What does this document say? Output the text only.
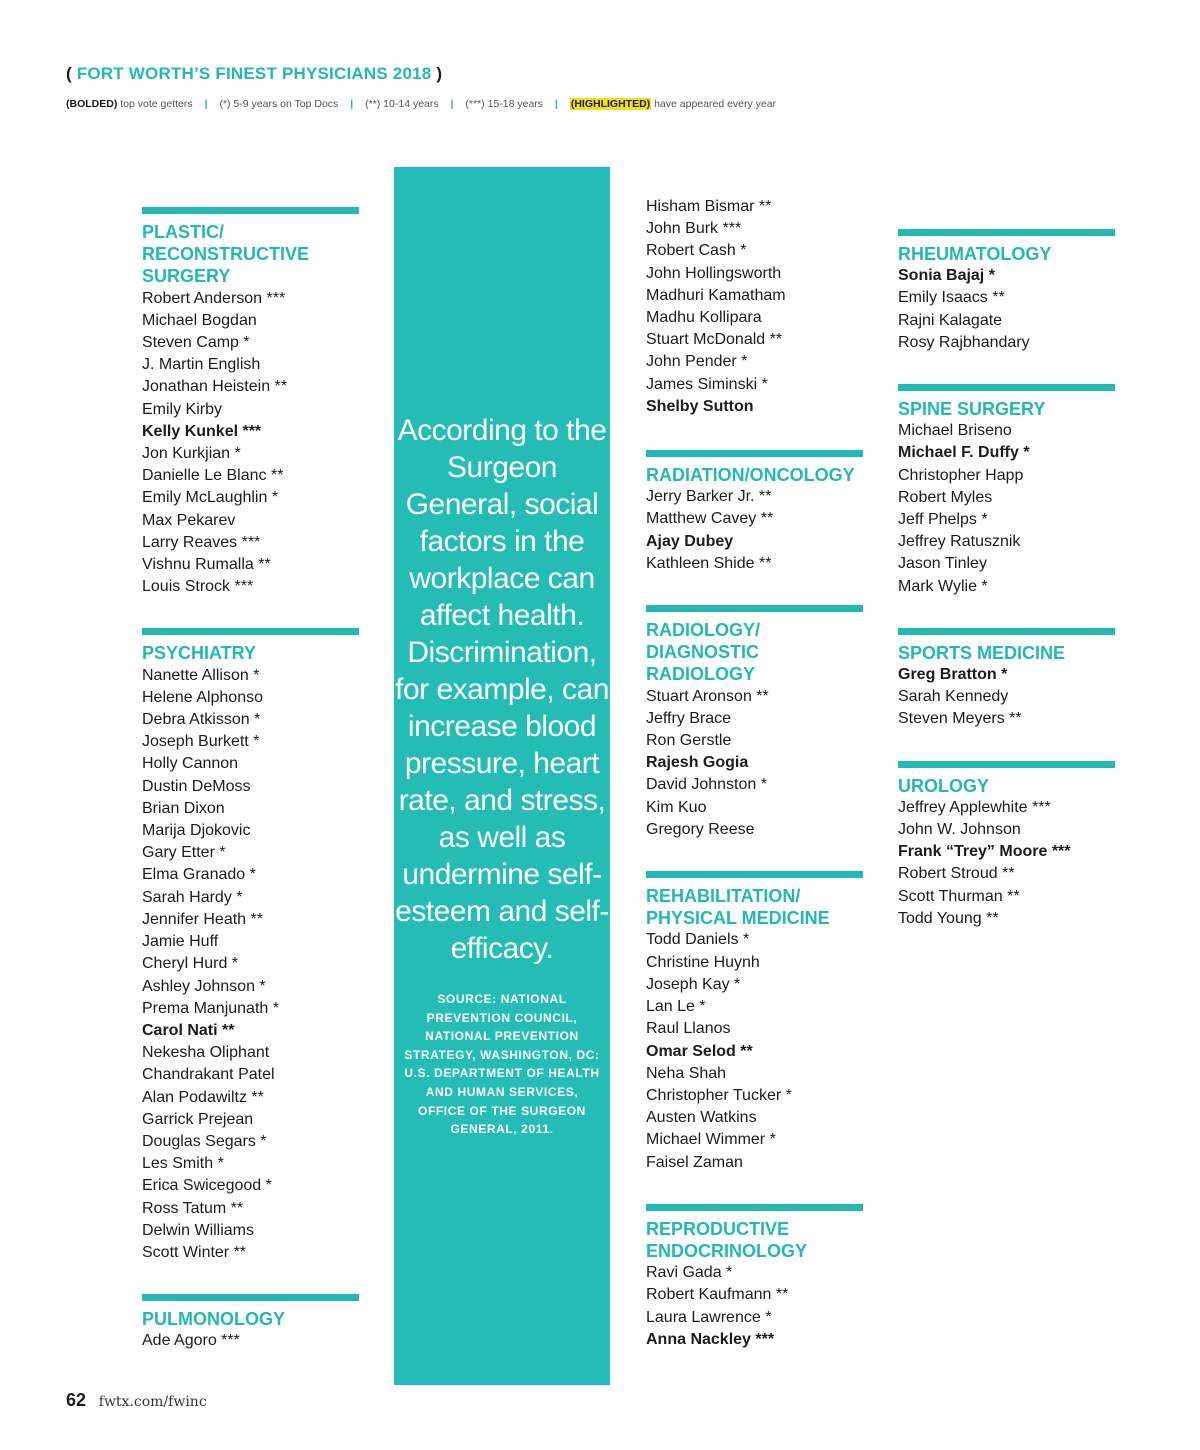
( FORT WORTH’S FINEST PHYSICIANS 2018 )
(BOLDED) top vote getters | (*) 5-9 years on Top Docs | (**) 10-14 years | (***) 15-18 years | (HIGHLIGHTED) have appeared every year
PLASTIC/
RECONSTRUCTIVE
SURGERY
Robert Anderson ***
Michael Bogdan
Steven Camp *
J. Martin English
Jonathan Heistein **
Emily Kirby
Kelly Kunkel ***
Jon Kurkjian *
Danielle Le Blanc **
Emily McLaughlin *
Max Pekarev
Larry Reaves ***
Vishnu Rumalla **
Louis Strock ***
PSYCHIATRY
Nanette Allison *
Helene Alphonso
Debra Atkisson *
Joseph Burkett *
Holly Cannon
Dustin DeMoss
Brian Dixon
Marija Djokovic
Gary Etter *
Elma Granado *
Sarah Hardy *
Jennifer Heath **
Jamie Huff
Cheryl Hurd *
Ashley Johnson *
Prema Manjunath *
Carol Nati **
Nekesha Oliphant
Chandrakant Patel
Alan Podawiltz **
Garrick Prejean
Douglas Segars *
Les Smith *
Erica Swicegood *
Ross Tatum **
Delwin Williams
Scott Winter **
PULMONOLOGY
Ade Agoro ***
According to the Surgeon General, social factors in the workplace can affect health. Discrimination, for example, can increase blood pressure, heart rate, and stress, as well as undermine self-esteem and self-efficacy.
SOURCE: NATIONAL PREVENTION COUNCIL, NATIONAL PREVENTION STRATEGY, WASHINGTON, DC: U.S. DEPARTMENT OF HEALTH AND HUMAN SERVICES, OFFICE OF THE SURGEON GENERAL, 2011.
Hisham Bismar **
John Burk ***
Robert Cash *
John Hollingsworth
Madhuri Kamatham
Madhu Kollipara
Stuart McDonald **
John Pender *
James Siminski *
Shelby Sutton
RADIATION/ONCOLOGY
Jerry Barker Jr. **
Matthew Cavey **
Ajay Dubey
Kathleen Shide **
RADIOLOGY/
DIAGNOSTIC
RADIOLOGY
Stuart Aronson **
Jeffry Brace
Ron Gerstle
Rajesh Gogia
David Johnston *
Kim Kuo
Gregory Reese
REHABILITATION/
PHYSICAL MEDICINE
Todd Daniels *
Christine Huynh
Joseph Kay *
Lan Le *
Raul Llanos
Omar Selod **
Neha Shah
Christopher Tucker *
Austen Watkins
Michael Wimmer *
Faisel Zaman
REPRODUCTIVE
ENDOCRINOLOGY
Ravi Gada *
Robert Kaufmann **
Laura Lawrence *
Anna Nackley ***
RHEUMATOLOGY
Sonia Bajaj *
Emily Isaacs **
Rajni Kalagate
Rosy Rajbhandary
SPINE SURGERY
Michael Briseno
Michael F. Duffy *
Christopher Happ
Robert Myles
Jeff Phelps *
Jeffrey Ratusznik
Jason Tinley
Mark Wylie *
SPORTS MEDICINE
Greg Bratton *
Sarah Kennedy
Steven Meyers **
UROLOGY
Jeffrey Applewhite ***
John W. Johnson
Frank “Trey” Moore ***
Robert Stroud **
Scott Thurman **
Todd Young **
62 fwtx.com/fwinc
